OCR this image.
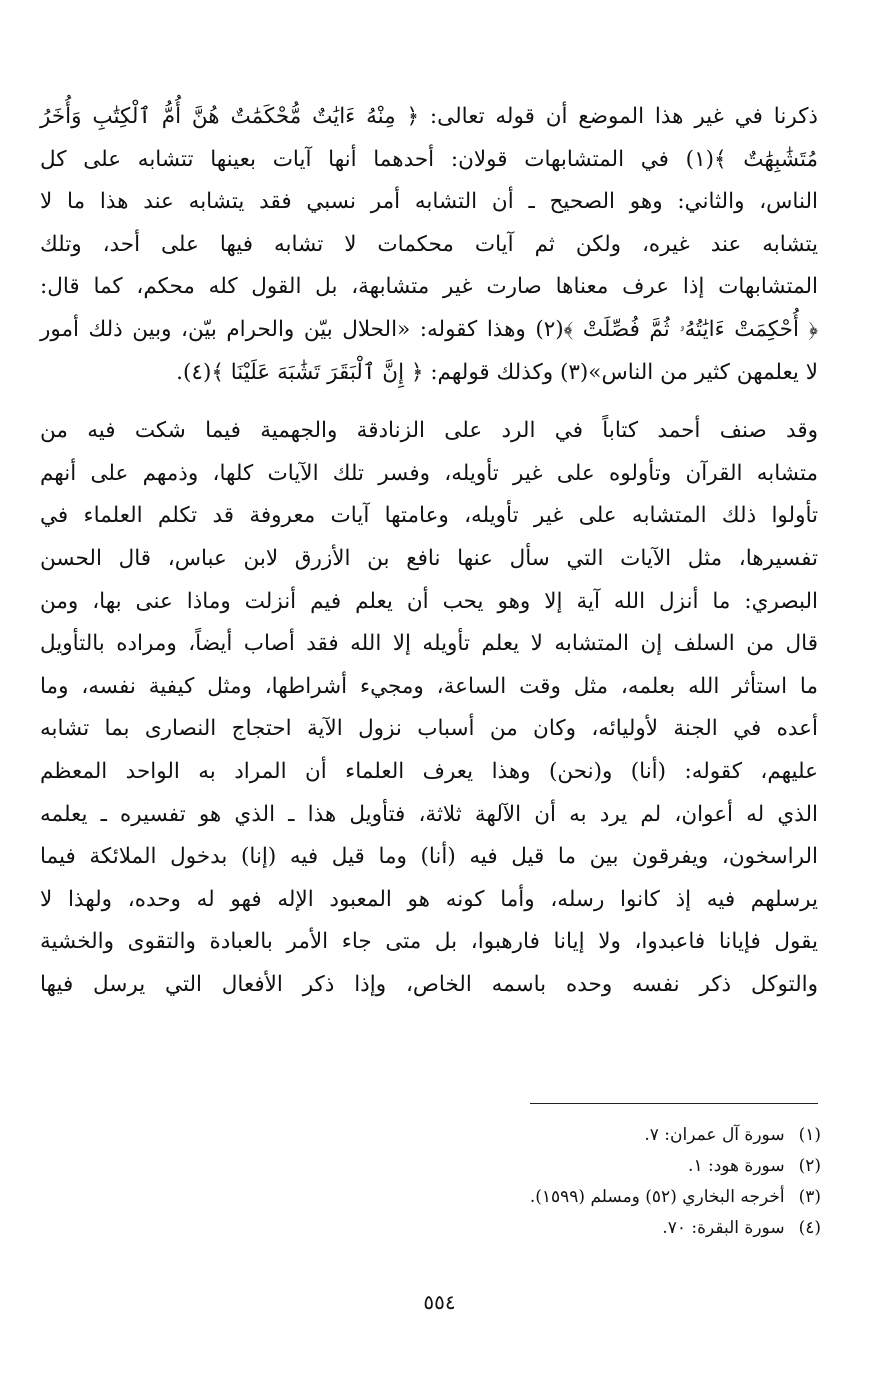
ذكرنا في غير هذا الموضع أن قوله تعالى: ﴿ مِنْهُ ءَايَٰتٌ مُّحْكَمَٰتٌ هُنَّ أُمُّ ٱلْكِتَٰبِ وَأُخَرُ
مُتَشَٰبِهَٰتٌ ﴾(١) في المتشابهات قولان: أحدهما أنها آيات بعينها تتشابه على كل
الناس، والثاني: وهو الصحيح ـ أن التشابه أمر نسبي فقد يتشابه عند هذا ما لا
يتشابه عند غيره، ولكن ثم آيات محكمات لا تشابه فيها على أحد، وتلك
المتشابهات إذا عرف معناها صارت غير متشابهة، بل القول كله محكم، كما قال:
﴿ أُحْكِمَتْ ءَايَٰتُهُۥ ثُمَّ فُصِّلَتْ ﴾(٢) وهذا كقوله: «الحلال بيّن والحرام بيّن، وبين ذلك أمور
لا يعلمهن كثير من الناس»(٣) وكذلك قولهم: ﴿ إِنَّ ٱلْبَقَرَ تَشَٰبَهَ عَلَيْنَا ﴾(٤).
وقد صنف أحمد كتاباً في الرد على الزنادقة والجهمية فيما شكت فيه من
متشابه القرآن وتأولوه على غير تأويله، وفسر تلك الآيات كلها، وذمهم على أنهم
تأولوا ذلك المتشابه على غير تأويله، وعامتها آيات معروفة قد تكلم العلماء في
تفسيرها، مثل الآيات التي سأل عنها نافع بن الأزرق لابن عباس، قال الحسن
البصري: ما أنزل الله آية إلا وهو يحب أن يعلم فيم أنزلت وماذا عنى بها، ومن
قال من السلف إن المتشابه لا يعلم تأويله إلا الله فقد أصاب أيضاً، ومراده بالتأويل
ما استأثر الله بعلمه، مثل وقت الساعة، ومجيء أشراطها، ومثل كيفية نفسه، وما
أعده في الجنة لأوليائه، وكان من أسباب نزول الآية احتجاج النصارى بما تشابه
عليهم، كقوله: (أنا) و(نحن) وهذا يعرف العلماء أن المراد به الواحد المعظم
الذي له أعوان، لم يرد به أن الآلهة ثلاثة، فتأويل هذا ـ الذي هو تفسيره ـ يعلمه
الراسخون، ويفرقون بين ما قيل فيه (أنا) وما قيل فيه (إنا) بدخول الملائكة فيما
يرسلهم فيه إذ كانوا رسله، وأما كونه هو المعبود الإله فهو له وحده، ولهذا لا
يقول فإيانا فاعبدوا، ولا إيانا فارهبوا، بل متى جاء الأمر بالعبادة والتقوى والخشية
والتوكل ذكر نفسه وحده باسمه الخاص، وإذا ذكر الأفعال التي يرسل فيها
(١)سورة آل عمران: ٧.
(٢)سورة هود: ١.
(٣)أخرجه البخاري (٥٢) ومسلم (١٥٩٩).
(٤)سورة البقرة: ٧٠.
٥٥٤
